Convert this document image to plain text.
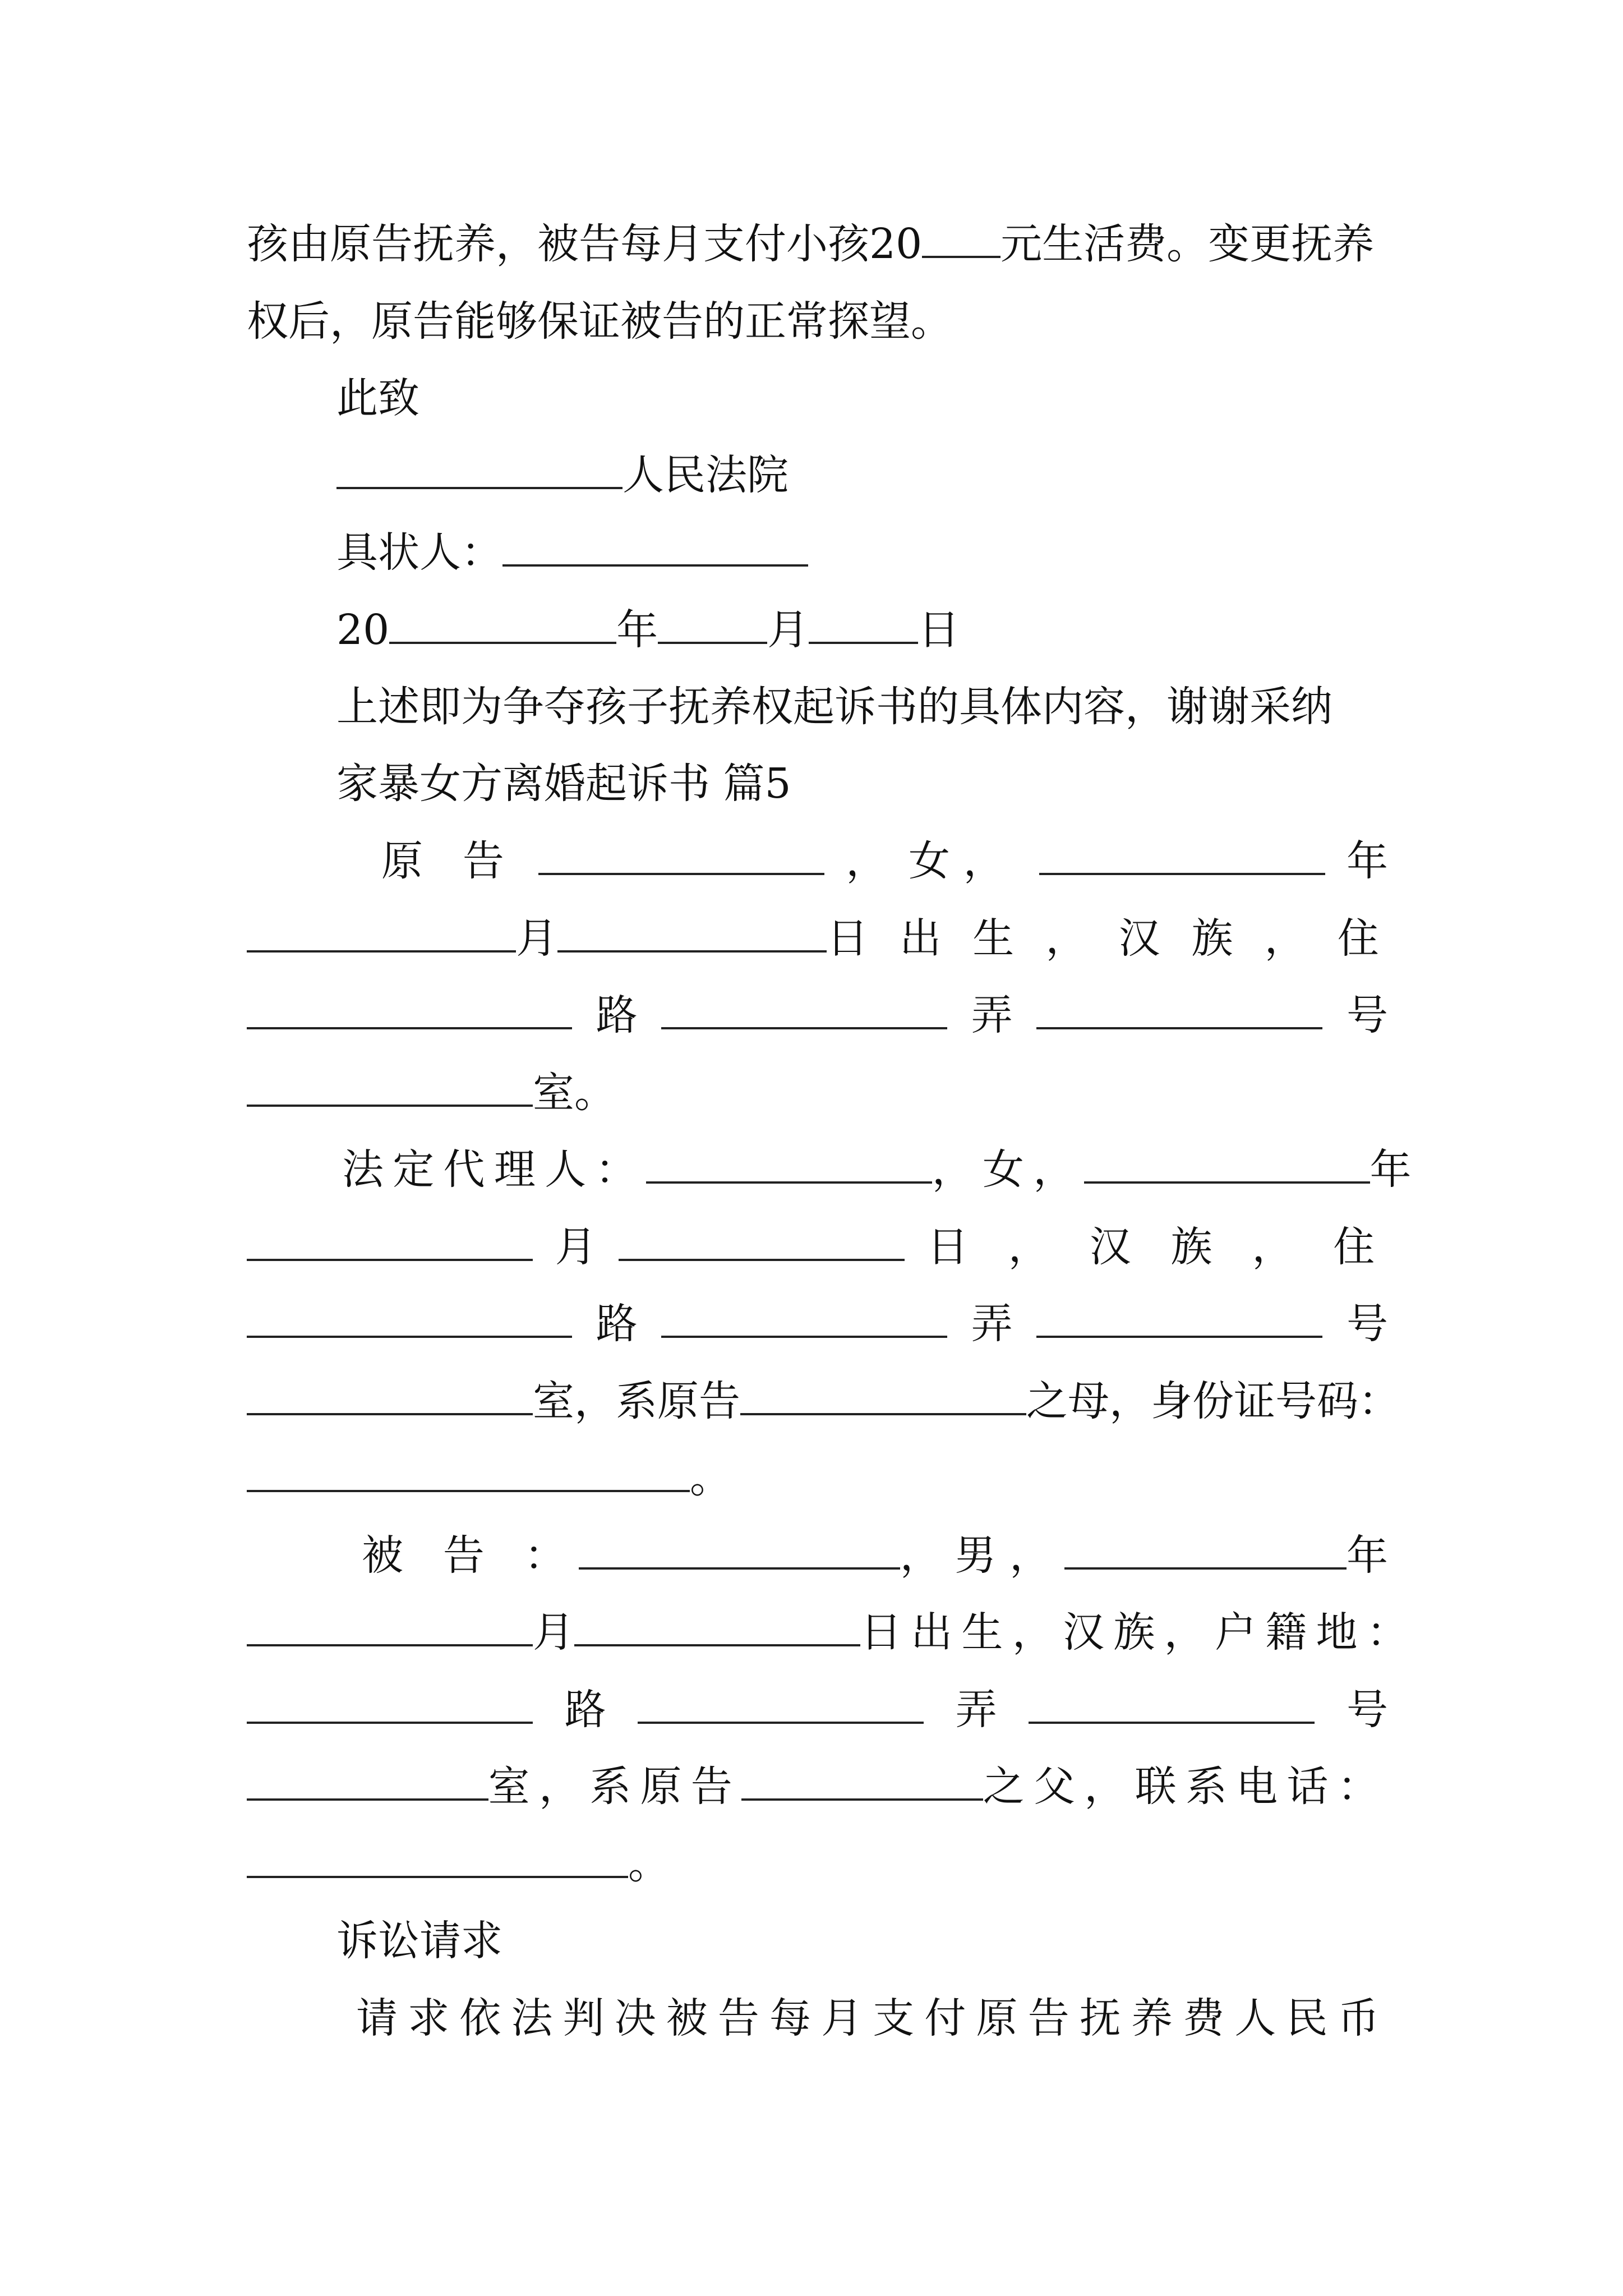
孩由原告抚养，被告每月支付小孩20 元生活费。变更抚养
权后，原告能够保证被告的正常探望。
此致
人民法院
具状人：
20	年	月	日
上述即为争夺孩子抚养权起诉书的具体内容，谢谢采纳
家暴女方离婚起诉书 篇5
原 告	， 女，	年
月	日 出 生 ， 汉 族 ， 住
路	弄	号
室。
法定代理人：	，女，	年
月	日 ， 汉 族 ， 住
路	弄	号
室，系原告	之母，身份证号码：
。
被 告 ：	，男，	年
月	日出生，汉族，户籍地：
路	弄	号
室，系原告	之父，联系电话：
。
诉讼请求
请求依法判决被告每月支付原告抚养费人民币
